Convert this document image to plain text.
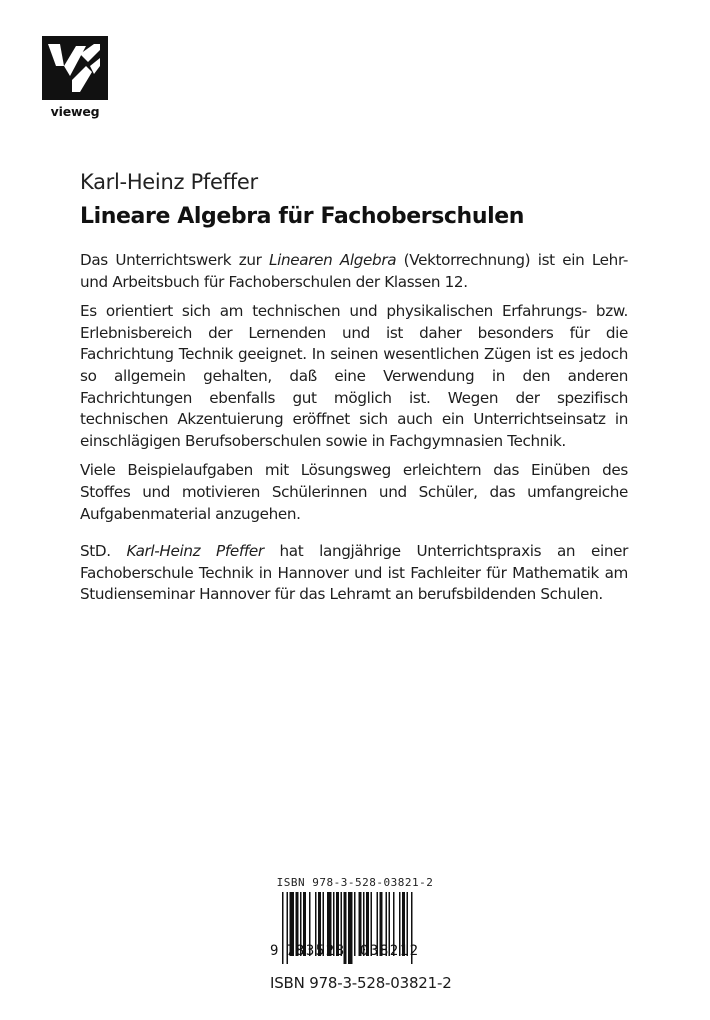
vieweg
Karl-Heinz Pfeffer
Lineare Algebra für Fachoberschulen

Das Unterrichtswerk zur Linearen Algebra (Vektorrechnung) ist ein Lehr- und Arbeitsbuch für Fachoberschulen der Klassen 12.

Es orientiert sich am technischen und physikalischen Erfahrungs- bzw. Erlebnisbereich der Lernenden und ist daher besonders für die Fachrichtung Technik geeignet. In seinen wesentlichen Zügen ist es jedoch so allgemein gehalten, daß eine Verwendung in den anderen Fachrichtungen ebenfalls gut möglich ist. Wegen der spezifisch technischen Akzentuierung eröffnet sich auch ein Unterrichtseinsatz in einschlägigen Berufsoberschulen sowie in Fachgymnasien Technik.

Viele Beispielaufgaben mit Lösungsweg erleichtern das Einüben des Stoffes und motivieren Schülerinnen und Schüler, das umfangreiche Aufgabenmaterial anzugehen.

StD. Karl-Heinz Pfeffer hat langjährige Unterrichtspraxis an einer Fachoberschule Technik in Hannover und ist Fachleiter für Mathematik am Studienseminar Hannover für das Lehramt an berufsbildenden Schulen.

ISBN 978-3-528-03821-2
9 783528 038212
ISBN 978-3-528-03821-2
